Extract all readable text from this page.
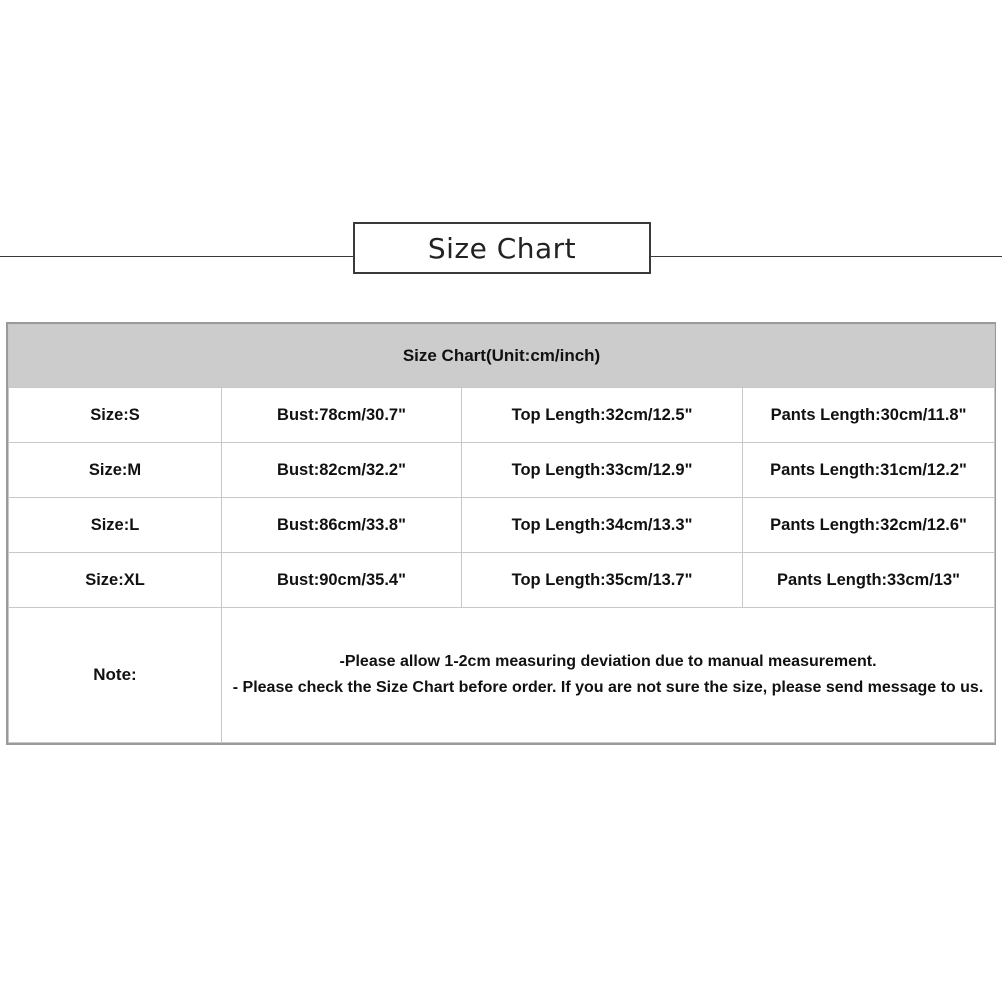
Size Chart
Size Chart(Unit:cm/inch)			
Size:S	Bust:78cm/30.7"	Top Length:32cm/12.5"	Pants Length:30cm/11.8"
Size:M	Bust:82cm/32.2"	Top Length:33cm/12.9"	Pants Length:31cm/12.2"
Size:L	Bust:86cm/33.8"	Top Length:34cm/13.3"	Pants Length:32cm/12.6"
Size:XL	Bust:90cm/35.4"	Top Length:35cm/13.7"	Pants Length:33cm/13"
Note:	-Please allow 1-2cm measuring deviation due to manual measurement.
- Please check the Size Chart before order. If you are not sure the size, please send message to us.		
